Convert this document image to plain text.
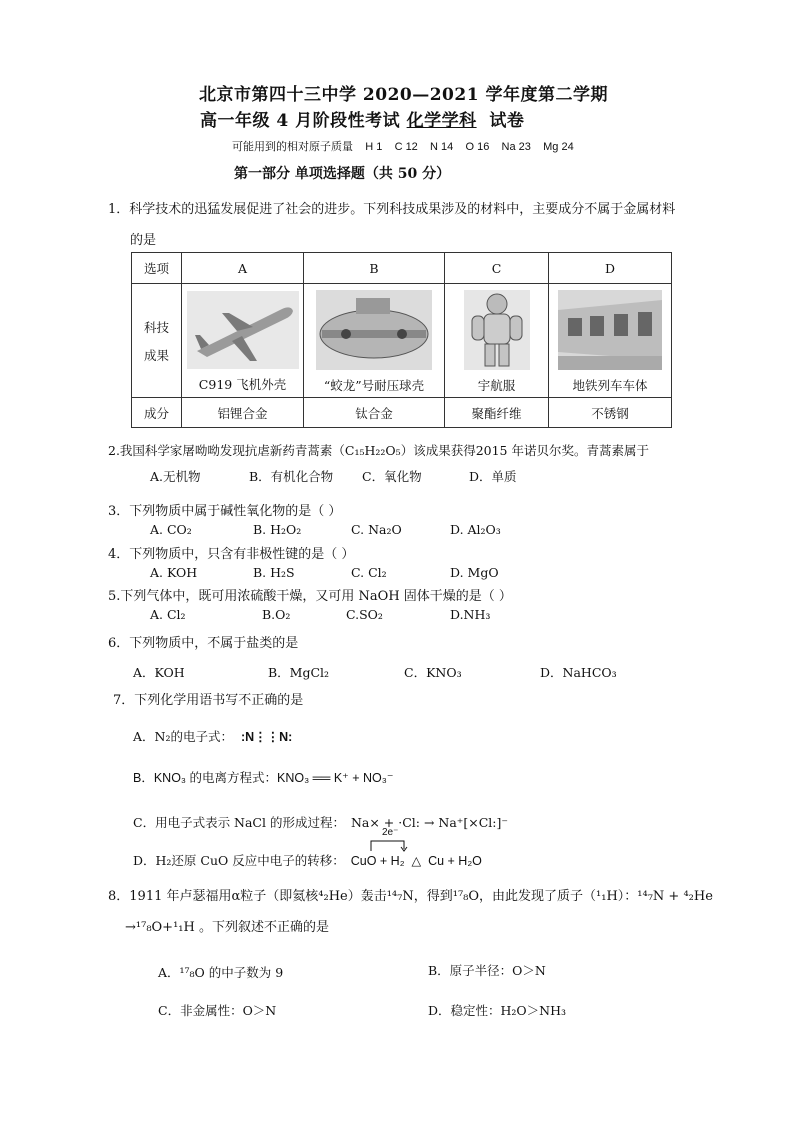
北京市第四十三中学 2020—2021 学年度第二学期
高一年级 4 月阶段性考试 化学学科  试卷
可能用到的相对原子质量    H 1    C 12    N 14    O 16    Na 23    Mg 24
第一部分 单项选择题（共 50 分）
1．科学技术的迅猛发展促进了社会的进步。下列科技成果涉及的材料中，主要成分不属于金属材料
的是
选项	A	B	C	D

科技
成果	C919 飞机外壳	“蛟龙”号耐压球壳	宇航服	地铁列车车体

成分	铝锂合金	钛合金	聚酯纤维	不锈钢
2.我国科学家屠呦呦发现抗虐新药青蒿素（C₁₅H₂₂O₅）该成果获得2015 年诺贝尔奖。青蒿素属于
A.无机物	B．有机化合物 C．氧化物	D．单质
3．下列物质中属于碱性氧化物的是（ ）
A. CO₂	B. H₂O₂	C. Na₂O	D. Al₂O₃
4．下列物质中，只含有非极性键的是（ ）
A. KOH	B. H₂S	C. Cl₂	D. MgO
5.下列气体中，既可用浓硫酸干燥，又可用 NaOH 固体干燥的是（ ）
A. Cl₂	B.O₂	C.SO₂	D.NH₃
6．下列物质中，不属于盐类的是
A．KOH	B．MgCl₂	C．KNO₃	D．NaHCO₃
7．下列化学用语书写不正确的是
A．N₂的电子式： :N⋮⋮N:
B．KNO₃ 的电离方程式：KNO₃ ══ K⁺ + NO₃⁻
C．用电子式表示 NaCl 的形成过程： Na× + ·Cl: → Na⁺[×Cl:]⁻
2e⁻
D．H₂还原 CuO 反应中电子的转移： CuO + H₂  △  Cu + H₂O
8．1911 年卢瑟福用α粒子（即氦核⁴₂He）轰击¹⁴₇N，得到¹⁷₈O，由此发现了质子（¹₁H）：¹⁴₇N + ⁴₂He
→¹⁷₈O+¹₁H 。下列叙述不正确的是
A．¹⁷₈O 的中子数为 9	B．原子半径：O＞N
C．非金属性：O＞N	D．稳定性：H₂O＞NH₃
